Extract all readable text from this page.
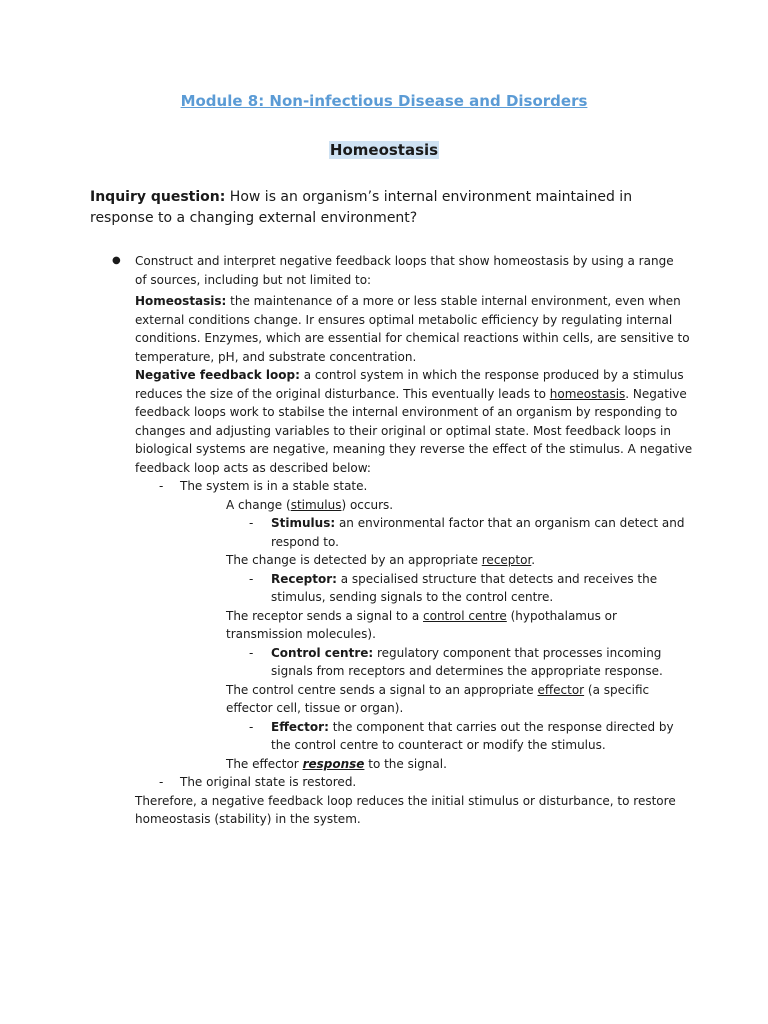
Module 8: Non-infectious Disease and Disorders
Homeostasis

Inquiry question: How is an organism’s internal environment maintained in response to a changing external environment?

● Construct and interpret negative feedback loops that show homeostasis by using a range of sources, including but not limited to:

Homeostasis: the maintenance of a more or less stable internal environment, even when external conditions change. Ir ensures optimal metabolic efficiency by regulating internal conditions. Enzymes, which are essential for chemical reactions within cells, are sensitive to temperature, pH, and substrate concentration.

Negative feedback loop: a control system in which the response produced by a stimulus reduces the size of the original disturbance. This eventually leads to homeostasis. Negative feedback loops work to stabilse the internal environment of an organism by responding to changes and adjusting variables to their original or optimal state. Most feedback loops in biological systems are negative, meaning they reverse the effect of the stimulus. A negative feedback loop acts as described below:

-	The system is in a stable state.

A change (stimulus) occurs.

-	Stimulus: an environmental factor that an organism can detect and respond to.

The change is detected by an appropriate receptor.

-	Receptor: a specialised structure that detects and receives the stimulus, sending signals to the control centre.

The receptor sends a signal to a control centre (hypothalamus or transmission molecules).

-	Control centre: regulatory component that processes incoming signals from receptors and determines the appropriate response.

The control centre sends a signal to an appropriate effector (a specific effector cell, tissue or organ).

-	Effector: the component that carries out the response directed by the control centre to counteract or modify the stimulus.

The effector response to the signal.

-	The original state is restored.

Therefore, a negative feedback loop reduces the initial stimulus or disturbance, to restore homeostasis (stability) in the system.
